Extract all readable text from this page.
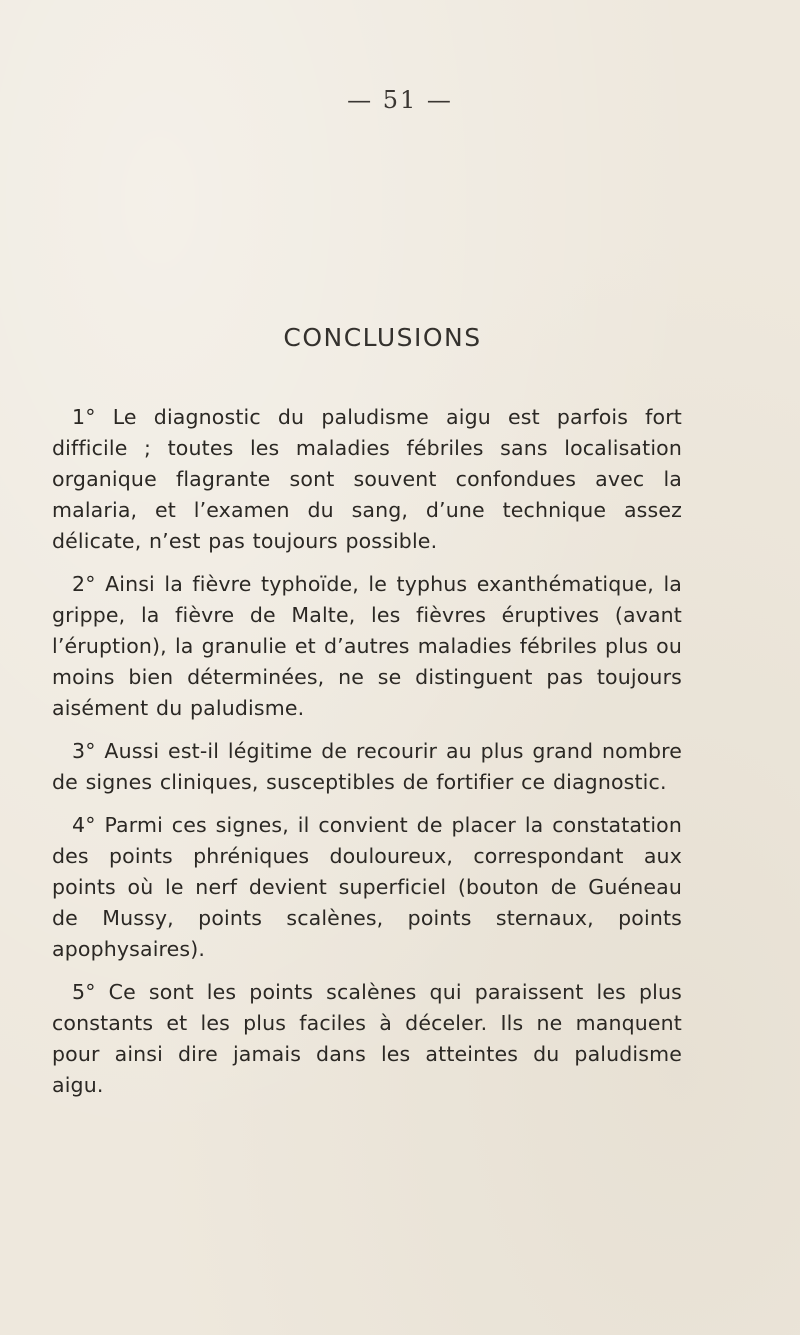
— 51 —
CONCLUSIONS

1° Le diagnostic du paludisme aigu est parfois fort difficile ; toutes les maladies fébriles sans localisation organique flagrante sont souvent confondues avec la malaria, et l’examen du sang, d’une technique assez délicate, n’est pas toujours possible.

2° Ainsi la fièvre typhoïde, le typhus exanthématique, la grippe, la fièvre de Malte, les fièvres éruptives (avant l’éruption), la granulie et d’autres maladies fébriles plus ou moins bien déterminées, ne se distinguent pas toujours aisément du paludisme.

3° Aussi est-il légitime de recourir au plus grand nombre de signes cliniques, susceptibles de fortifier ce diagnostic.

4° Parmi ces signes, il convient de placer la constatation des points phréniques douloureux, correspondant aux points où le nerf devient superficiel (bouton de Guéneau de Mussy, points scalènes, points sternaux, points apophysaires).

5° Ce sont les points scalènes qui paraissent les plus constants et les plus faciles à déceler. Ils ne manquent pour ainsi dire jamais dans les atteintes du paludisme aigu.
